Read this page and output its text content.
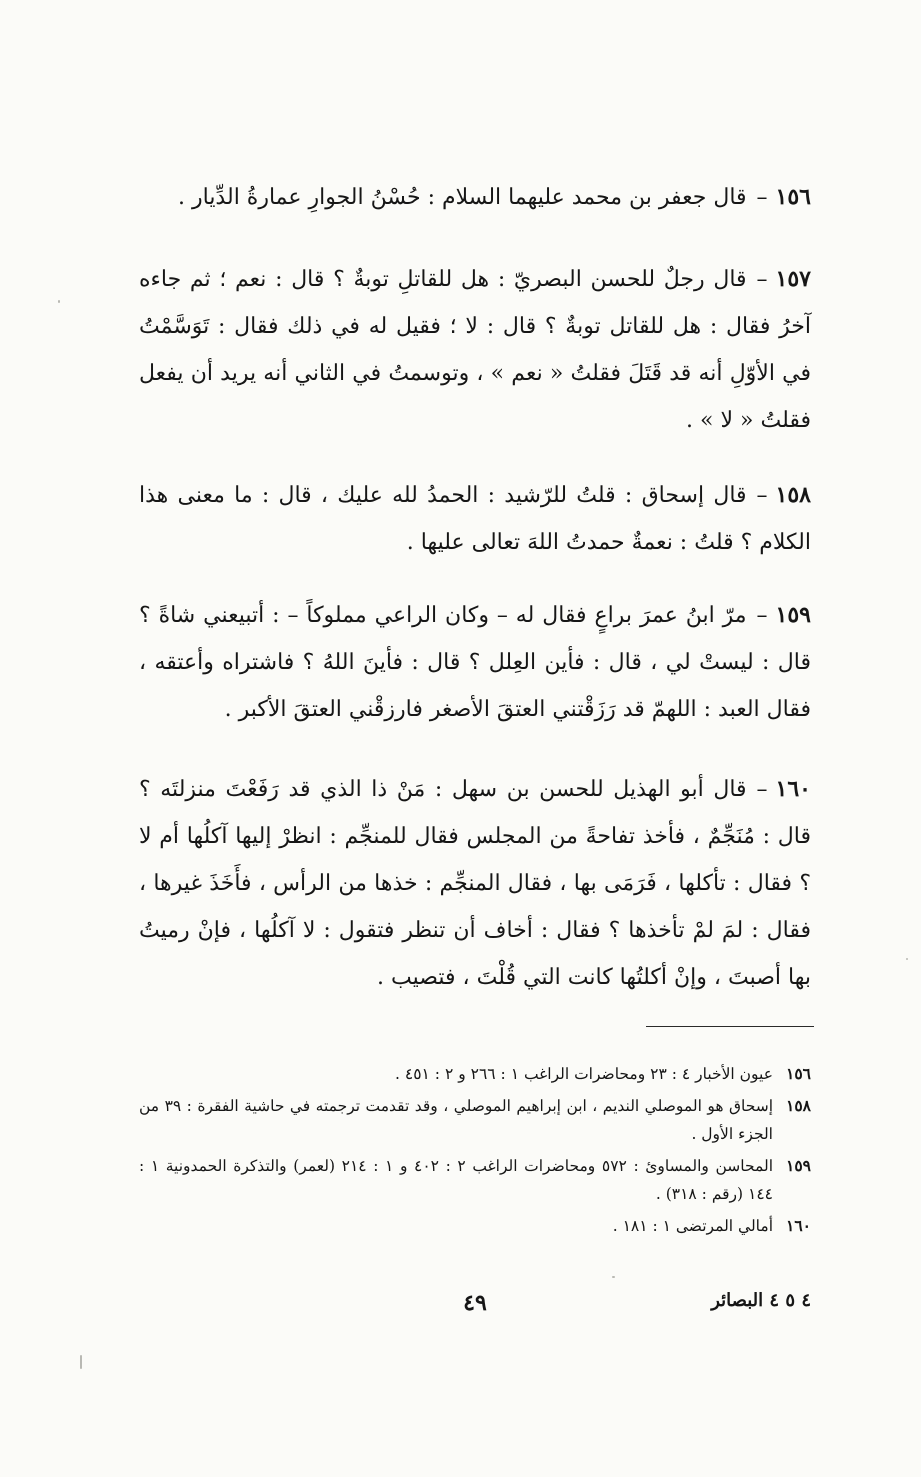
١٥٦–قال جعفر بن محمد عليهما السلام : حُسْنُ الجوارِ عمارةُ الدِّيار .
١٥٧–قال رجلٌ للحسن البصريّ : هل للقاتلِ توبةٌ ؟ قال : نعم ؛ ثم جاءه آخرُ فقال : هل للقاتل توبةٌ ؟ قال : لا ؛ فقيل له في ذلك فقال : تَوَسَّمْتُ في الأوّلِ أنه قد قَتَلَ فقلتُ « نعم » ، وتوسمتُ في الثاني أنه يريد أن يفعل فقلتُ « لا » .
١٥٨–قال إسحاق : قلتُ للرّشيد : الحمدُ لله عليك ، قال : ما معنى هذا الكلام ؟ قلتُ : نعمةٌ حمدتُ اللهَ تعالى عليها .
١٥٩–مرّ ابنُ عمرَ براعٍ فقال له – وكان الراعي مملوكاً – : أتبيعني شاةً ؟ قال : ليستْ لي ، قال : فأين العِلل ؟ قال : فأينَ اللهُ ؟ فاشتراه وأعتقه ، فقال العبد : اللهمّ قد رَزَقْتني العتقَ الأصغر فارزقْني العتقَ الأكبر .
١٦٠–قال أبو الهذيل للحسن بن سهل : مَنْ ذا الذي قد رَفَعْتَ منزلتَه ؟ قال : مُنَجِّمٌ ، فأخذ تفاحةً من المجلس فقال للمنجِّم : انظرْ إليها آكلُها أم لا ؟ فقال : تأكلها ، فَرَمَى بها ، فقال المنجِّم : خذها من الرأس ، فأَخَذَ غيرها ، فقال : لمَ لمْ تأخذها ؟ فقال : أخاف أن تنظر فتقول : لا آكلُها ، فإنْ رميتُ بها أصبتَ ، وإنْ أكلتُها كانت التي قُلْتَ ، فتصيب .
١٥٦
عيون الأخبار ٤ : ٢٣ ومحاضرات الراغب ١ : ٢٦٦ و ٢ : ٤٥١ .
١٥٨
إسحاق هو الموصلي النديم ، ابن إبراهيم الموصلي ، وقد تقدمت ترجمته في حاشية الفقرة : ٣٩ من الجزء الأول .
١٥٩
المحاسن والمساوئ : ٥٧٢ ومحاضرات الراغب ٢ : ٤٠٢ و ١ : ٢١٤ (لعمر) والتذكرة الحمدونية ١ : ١٤٤ (رقم : ٣١٨) .
١٦٠
أمالي المرتضى ١ : ١٨١ .
٤ ٥ ٤ البصائر
٤٩
